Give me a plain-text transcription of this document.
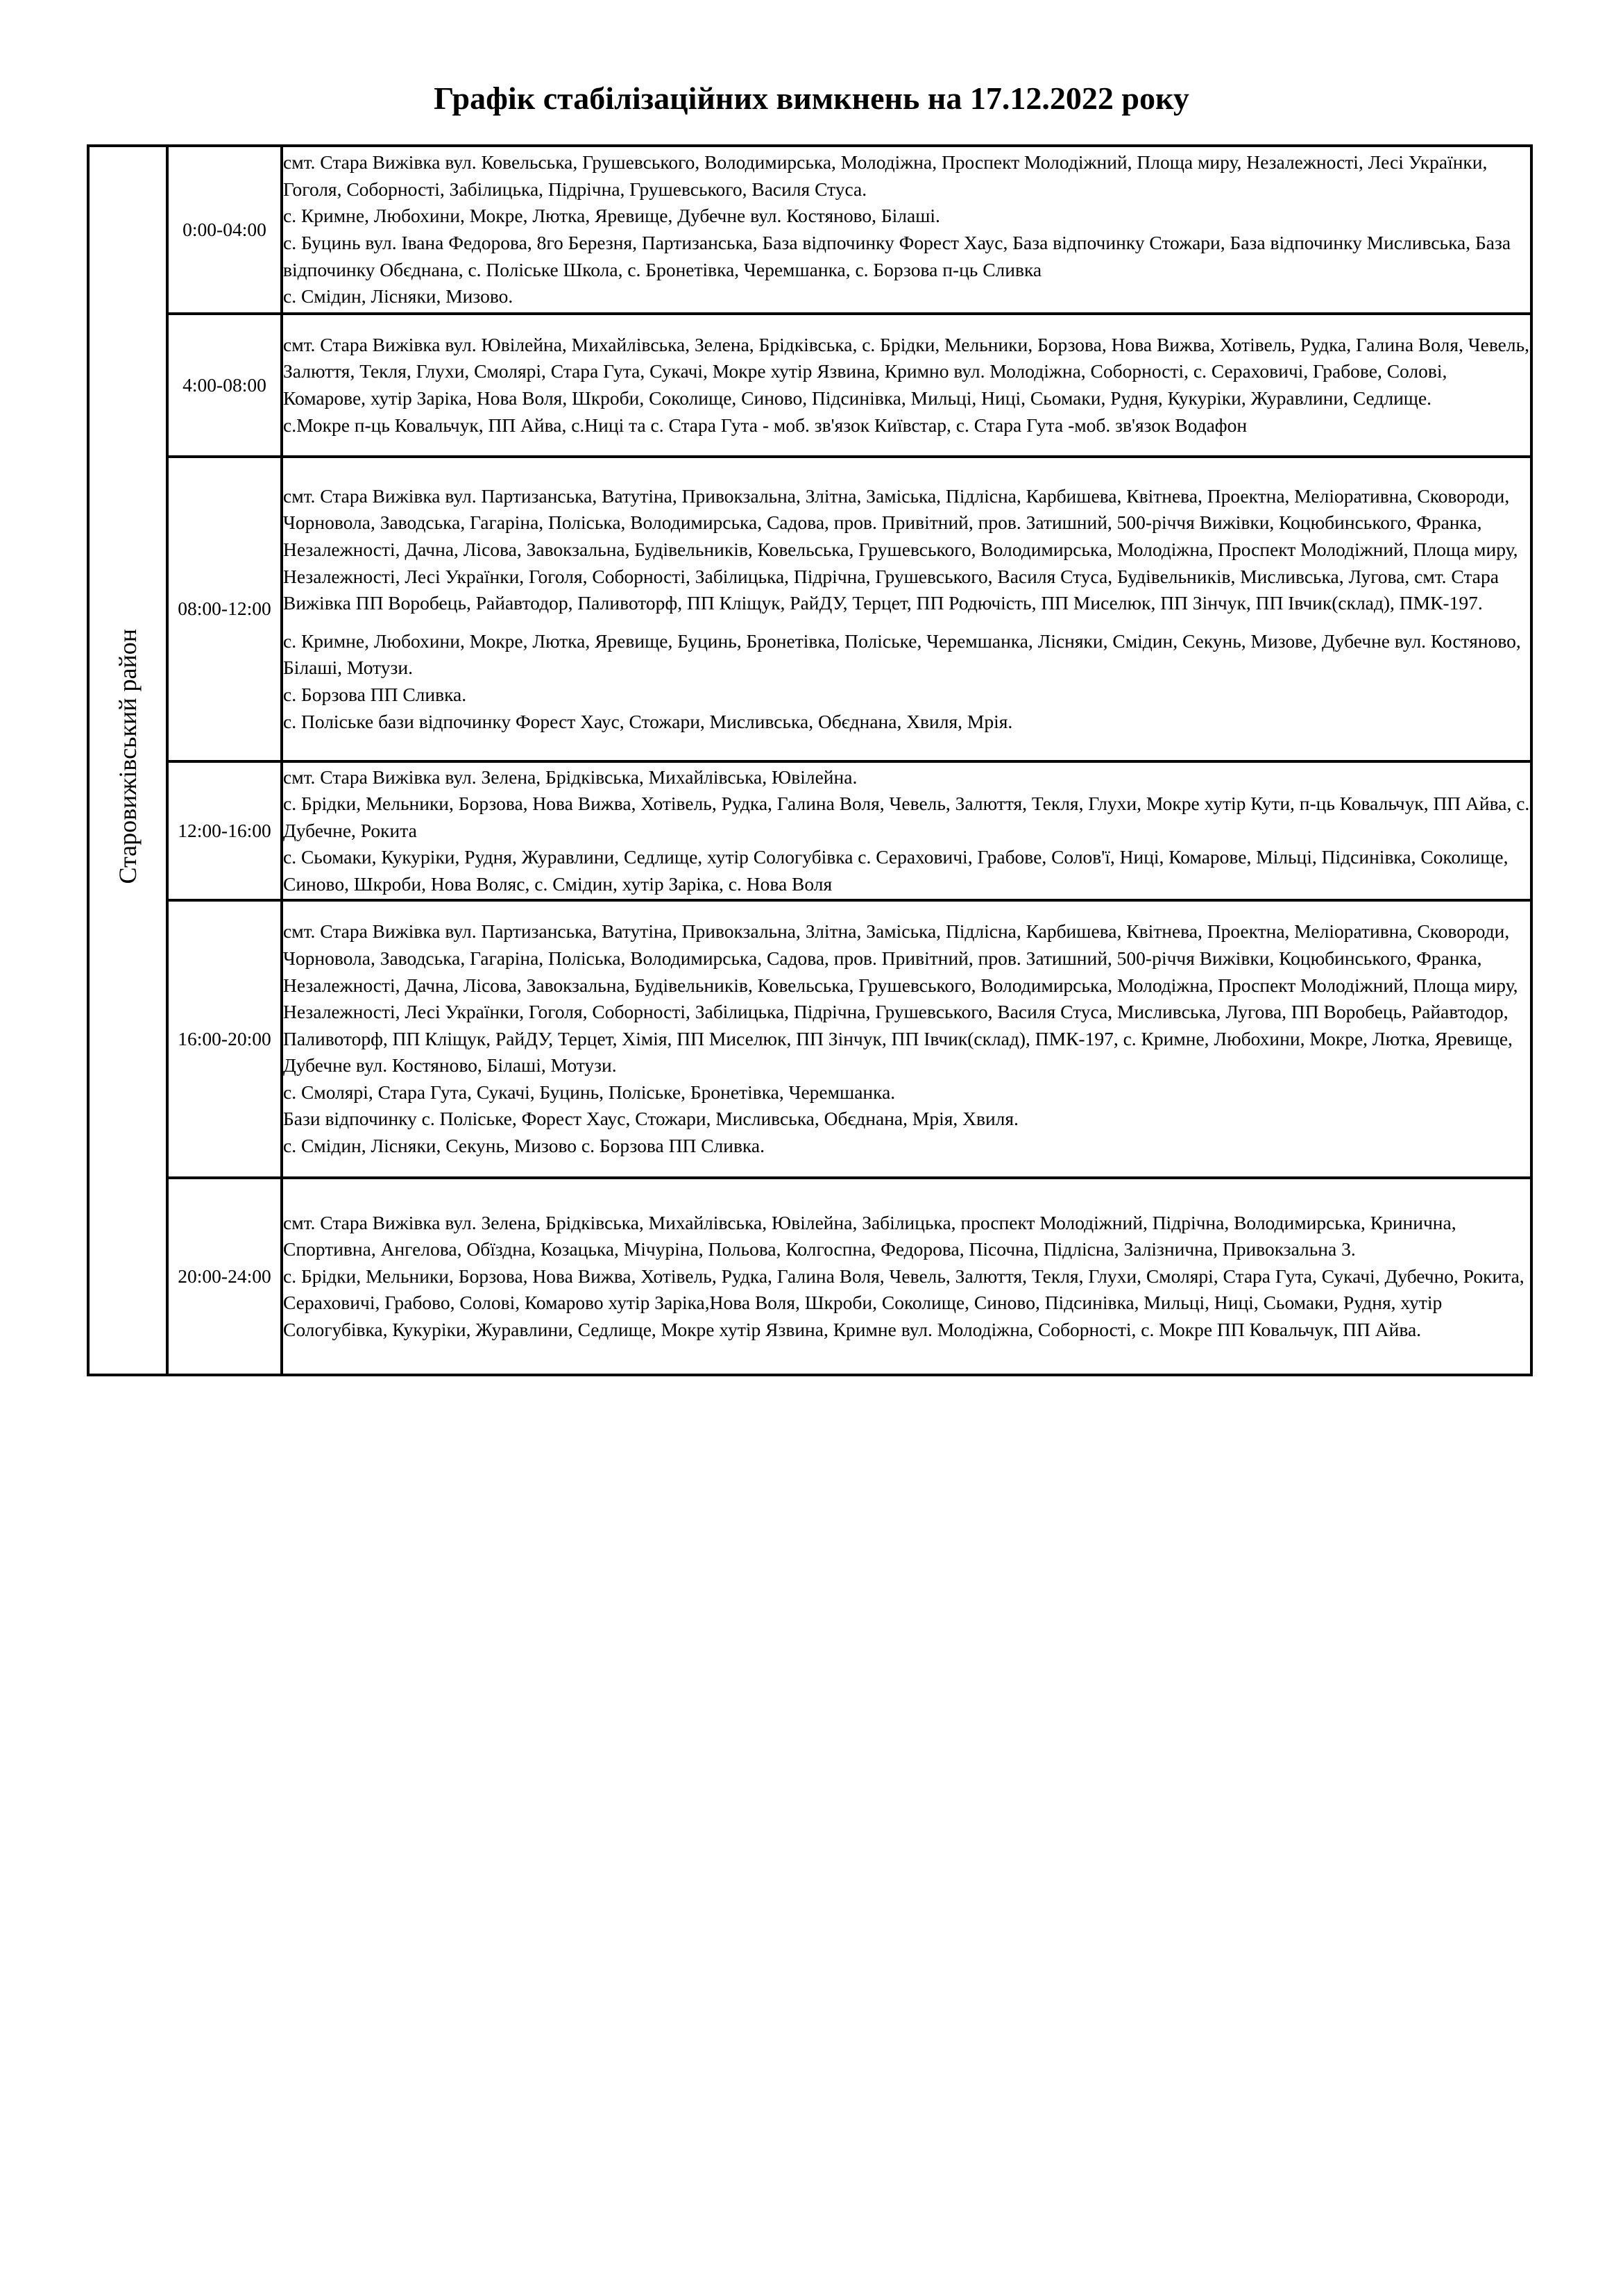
Графік стабілізаційних вимкнень на 17.12.2022 року
Старовижівський район	0:00-04:00	смт. Стара Вижівка вул. Ковельська, Грушевського, Володимирська, Молодіжна, Проспект Молодіжний, Площа миру, Незалежності, Лесі Українки, Гоголя, Соборності, Забілицька, Підрічна, Грушевського, Василя Стуса.
с. Кримне, Любохини, Мокре, Лютка, Яревище, Дубечне вул. Костяново, Білаші.
с. Буцинь вул. Івана Федорова, 8го Березня, Партизанська, База відпочинку Форест Хаус, База відпочинку Стожари, База відпочинку Мисливська, База відпочинку Обєднана, с. Поліське Школа, с. Бронетівка, Черемшанка, с. Борзова п-ць Сливка
с. Смідин, Лісняки, Мизово.

	4:00-08:00	смт. Стара Вижівка вул. Ювілейна, Михайлівська, Зелена, Брідківська, с. Брідки, Мельники, Борзова, Нова Вижва, Хотівель, Рудка, Галина Воля, Чевель, Залюття, Текля, Глухи, Смолярі, Стара Гута, Сукачі, Мокре хутір Язвина, Кримно вул. Молодіжна, Соборності, с. Сераховичі, Грабове, Солові, Комарове, хутір Заріка, Нова Воля, Шкроби, Соколище, Синово, Підсинівка, Мильці, Ниці, Сьомаки, Рудня, Кукуріки, Журавлини, Седлище.
с.Мокре п-ць Ковальчук, ПП Айва, с.Ниці та с. Стара Гута - моб. зв'язок Київстар, с. Стара Гута -моб. зв'язок Водафон

	08:00-12:00	смт. Стара Вижівка вул. Партизанська, Ватутіна, Привокзальна, Злітна, Заміська, Підлісна, Карбишева, Квітнева, Проектна, Меліоративна, Сковороди, Чорновола, Заводська, Гагаріна, Поліська, Володимирська, Садова, пров. Привітний, пров. Затишний, 500-річчя Вижівки, Коцюбинського, Франка, Незалежності, Дачна, Лісова, Завокзальна, Будівельників, Ковельська, Грушевського, Володимирська, Молодіжна, Проспект Молодіжний, Площа миру, Незалежності, Лесі Українки, Гоголя, Соборності, Забілицька, Підрічна, Грушевського, Василя Стуса, Будівельників, Мисливська, Лугова, смт. Стара Вижівка ПП Воробець, Райавтодор, Паливоторф, ПП Кліщук, РайДУ, Терцет, ПП Родючість, ПП Миселюк, ПП Зінчук, ПП Івчик(склад), ПМК-197.
с. Кримне, Любохини, Мокре, Лютка, Яревище, Буцинь, Бронетівка, Поліське, Черемшанка, Лісняки, Смідин, Секунь, Мизове, Дубечне вул. Костяново, Білаші, Мотузи.
с. Борзова ПП Сливка.
с. Поліське бази відпочинку Форест Хаус, Стожари, Мисливська, Обєднана, Хвиля, Мрія.

	12:00-16:00	смт. Стара Вижівка вул. Зелена, Брідківська, Михайлівська, Ювілейна.
с. Брідки, Мельники, Борзова, Нова Вижва, Хотівель, Рудка, Галина Воля, Чевель, Залюття, Текля, Глухи, Мокре хутір Кути, п-ць Ковальчук, ПП Айва, с. Дубечне, Рокита
с. Сьомаки, Кукуріки, Рудня, Журавлини, Седлище, хутір Сологубівка с. Сераховичі, Грабове, Солов'ї, Ниці, Комарове, Мільці, Підсинівка, Соколище, Синово, Шкроби, Нова Воляс, с. Смідин, хутір Заріка, с. Нова Воля

	16:00-20:00	смт. Стара Вижівка вул. Партизанська, Ватутіна, Привокзальна, Злітна, Заміська, Підлісна, Карбишева, Квітнева, Проектна, Меліоративна, Сковороди, Чорновола, Заводська, Гагаріна, Поліська, Володимирська, Садова, пров. Привітний, пров. Затишний, 500-річчя Вижівки, Коцюбинського, Франка, Незалежності, Дачна, Лісова, Завокзальна, Будівельників, Ковельська, Грушевського, Володимирська, Молодіжна, Проспект Молодіжний, Площа миру, Незалежності, Лесі Українки, Гоголя, Соборності, Забілицька, Підрічна, Грушевського, Василя Стуса, Мисливська, Лугова, ПП Воробець, Райавтодор, Паливоторф, ПП Кліщук, РайДУ, Терцет, Хімія, ПП Миселюк, ПП Зінчук, ПП Івчик(склад), ПМК-197, с. Кримне, Любохини, Мокре, Лютка, Яревище, Дубечне вул. Костяново, Білаші, Мотузи.
с. Смолярі, Стара Гута, Сукачі, Буцинь, Поліське, Бронетівка, Черемшанка.
Бази відпочинку с. Поліське, Форест Хаус, Стожари, Мисливська, Обєднана, Мрія, Хвиля.
с. Смідин, Лісняки, Секунь, Мизово с. Борзова ПП Сливка.

	20:00-24:00	смт. Стара Вижівка вул. Зелена, Брідківська, Михайлівська, Ювілейна, Забілицька, проспект Молодіжний, Підрічна, Володимирська, Кринична, Спортивна, Ангелова, Обїздна, Козацька, Мічуріна, Польова, Колгоспна, Федорова, Пісочна, Підлісна, Залізнична, Привокзальна 3.
с. Брідки, Мельники, Борзова, Нова Вижва, Хотівель, Рудка, Галина Воля, Чевель, Залюття, Текля, Глухи, Смолярі, Стара Гута, Сукачі, Дубечно, Рокита, Сераховичі, Грабово, Солові, Комарово хутір Заріка,Нова Воля, Шкроби, Соколище, Синово, Підсинівка, Мильці, Ниці, Сьомаки, Рудня, хутір Сологубівка, Кукуріки, Журавлини, Седлище, Мокре хутір Язвина, Кримне вул. Молодіжна, Соборності, с. Мокре ПП Ковальчук, ПП Айва.
